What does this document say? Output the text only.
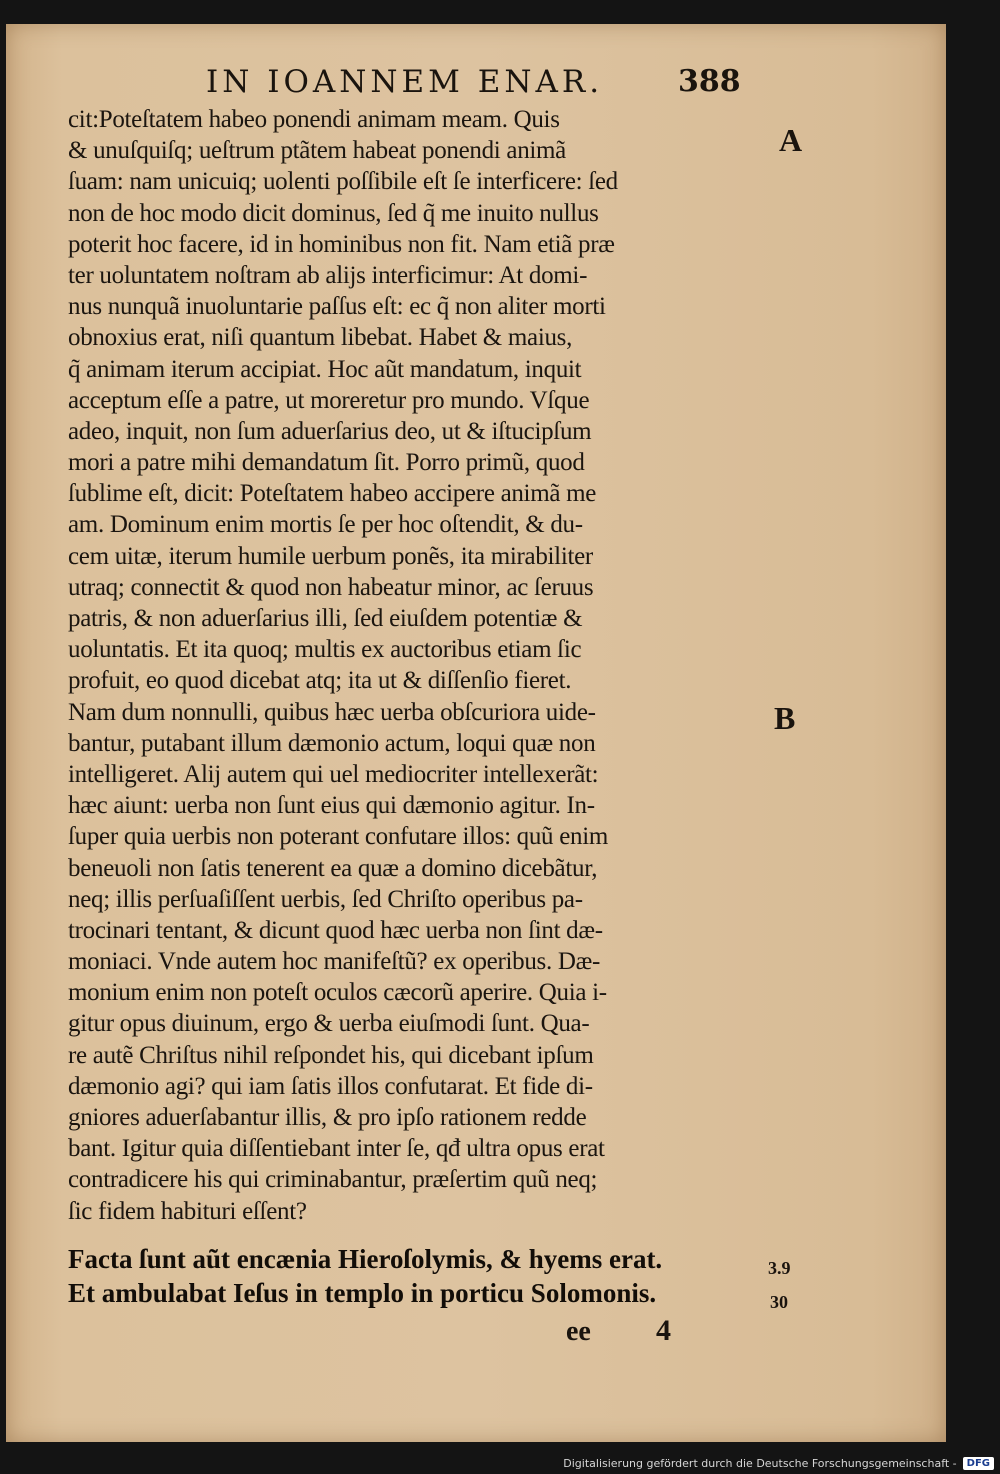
IN IOANNEM ENAR. 388
cit:Poteſtatem habeo ponendi animam meam. Quis
& unuſquiſq; ueſtrum ptãtem habeat ponendi animã
ſuam: nam unicuiq; uolenti poſſibile eſt ſe interficere: ſed
non de hoc modo dicit dominus, ſed q̃ me inuito nullus
poterit hoc facere, id in hominibus non fit. Nam etiã præ
ter uoluntatem noſtram ab alijs interficimur: At domi-
nus nunquã inuoluntarie paſſus eſt: ec q̃ non aliter morti
obnoxius erat, niſi quantum libebat. Habet & maius,
q̃ animam iterum accipiat. Hoc aũt mandatum, inquit
acceptum eſſe a patre, ut moreretur pro mundo. Vſque
adeo, inquit, non ſum aduerſarius deo, ut & iſtucipſum
mori a patre mihi demandatum ſit. Porro primũ, quod
ſublime eſt, dicit: Poteſtatem habeo accipere animã me
am. Dominum enim mortis ſe per hoc oſtendit, & du-
cem uitæ, iterum humile uerbum ponẽs, ita mirabiliter
utraq; connectit & quod non habeatur minor, ac ſeruus
patris, & non aduerſarius illi, ſed eiuſdem potentiæ &
uoluntatis. Et ita quoq; multis ex auctoribus etiam ſic
profuit, eo quod dicebat atq; ita ut & diſſenſio fieret.
Nam dum nonnulli, quibus hæc uerba obſcuriora uide-
bantur, putabant illum dæmonio actum, loqui quæ non
intelligeret. Alij autem qui uel mediocriter intellexerãt:
hæc aiunt: uerba non ſunt eius qui dæmonio agitur. In-
ſuper quia uerbis non poterant confutare illos: quũ enim
beneuoli non ſatis tenerent ea quæ a domino dicebãtur,
neq; illis perſuaſiſſent uerbis, ſed Chriſto operibus pa-
trocinari tentant, & dicunt quod hæc uerba non ſint dæ-
moniaci. Vnde autem hoc manifeſtũ? ex operibus. Dæ-
monium enim non poteſt oculos cæcorũ aperire. Quia i-
gitur opus diuinum, ergo & uerba eiuſmodi ſunt. Qua-
re autẽ Chriſtus nihil reſpondet his, qui dicebant ipſum
dæmonio agi? qui iam ſatis illos confutarat. Et fide di-
gniores aduerſabantur illis, & pro ipſo rationem redde
bant. Igitur quia diſſentiebant inter ſe, qđ ultra opus erat
contradicere his qui criminabantur, præſertim quũ neq;
ſic fidem habituri eſſent?
Facta ſunt aũt encænia Hieroſolymis, & hyems erat.
Et ambulabat Ieſus in templo in porticu Solomonis.
A
B
3.9
30
ee 4
Digitalisierung gefördert durch die Deutsche Forschungsgemeinschaft -	DFG
